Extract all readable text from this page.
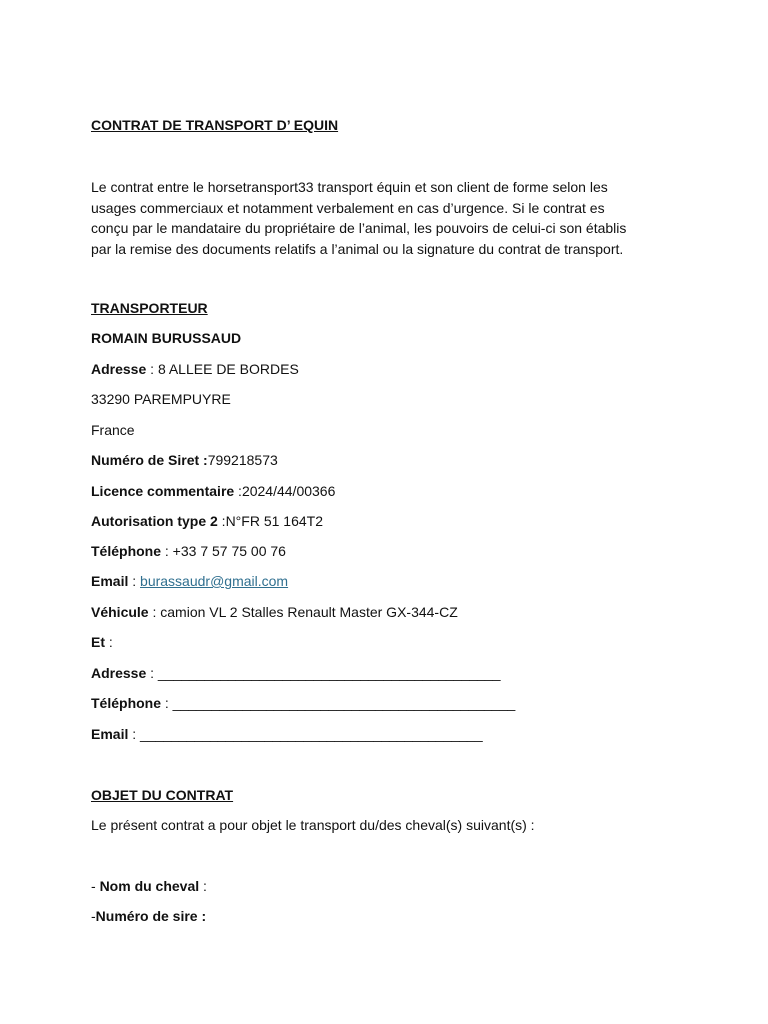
CONTRAT DE TRANSPORT D’ EQUIN
Le contrat entre le horsetransport33 transport équin et son client de forme selon les
usages commerciaux et notamment verbalement en cas d’urgence. Si le contrat es
conçu par le mandataire du propriétaire de l’animal, les pouvoirs de celui-ci son établis
par la remise des documents relatifs a l’animal ou la signature du contrat de transport.
TRANSPORTEUR
ROMAIN BURUSSAUD
Adresse : 8 ALLEE DE BORDES
33290 PAREMPUYRE
France
Numéro de Siret :799218573
Licence commentaire :2024/44/00366
Autorisation type 2 :N°FR 51 164T2
Téléphone : +33 7 57 75 00 76
Email : burassaudr@gmail.com
Véhicule : camion VL 2 Stalles Renault Master GX-344-CZ
Et :
Adresse : ____________________________________________
Téléphone : ____________________________________________
Email : ____________________________________________
OBJET DU CONTRAT
Le présent contrat a pour objet le transport du/des cheval(s) suivant(s) :
- Nom du cheval :
-Numéro de sire :
